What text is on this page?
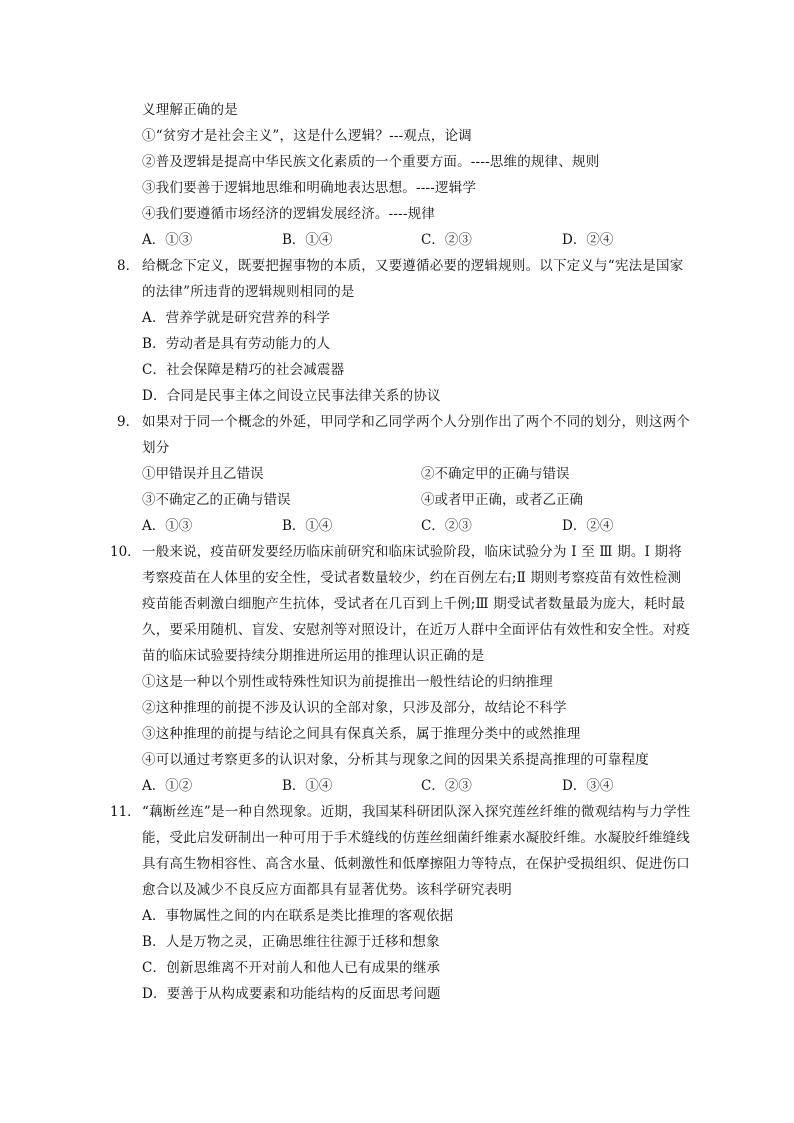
义理解正确的是
①“贫穷才是社会主义”，这是什么逻辑？---观点，论调
②普及逻辑是提高中华民族文化素质的一个重要方面。----思维的规律、规则
③我们要善于逻辑地思维和明确地表达思想。----逻辑学
④我们要遵循市场经济的逻辑发展经济。----规律
A．①③	B．①④	C．②③	D．②④
8． 给概念下定义，既要把握事物的本质，又要遵循必要的逻辑规则。以下定义与“宪法是国家
的法律”所违背的逻辑规则相同的是
A．营养学就是研究营养的科学
B．劳动者是具有劳动能力的人
C．社会保障是精巧的社会减震器
D．合同是民事主体之间设立民事法律关系的协议
9． 如果对于同一个概念的外延，甲同学和乙同学两个人分别作出了两个不同的划分，则这两个
划分
①甲错误并且乙错误	②不确定甲的正确与错误
③不确定乙的正确与错误	④或者甲正确，或者乙正确
A．①③	B．①④	C．②③	D．②④
10． 一般来说，疫苗研发要经历临床前研究和临床试验阶段，临床试验分为 Ⅰ 至 Ⅲ 期。Ⅰ 期将
考察疫苗在人体里的安全性，受试者数量较少，约在百例左右;Ⅱ 期则考察疫苗有效性检测
疫苗能否刺激白细胞产生抗体，受试者在几百到上千例;Ⅲ 期受试者数量最为庞大，耗时最
久，要采用随机、盲发、安慰剂等对照设计，在近万人群中全面评估有效性和安全性。对疫
苗的临床试验要持续分期推进所运用的推理认识正确的是
①这是一种以个别性或特殊性知识为前提推出一般性结论的归纳推理
②这种推理的前提不涉及认识的全部对象，只涉及部分，故结论不科学
③这种推理的前提与结论之间具有保真关系，属于推理分类中的或然推理
④可以通过考察更多的认识对象，分析其与现象之间的因果关系提高推理的可靠程度
A．①②	B．①④	C．②③	D．③④
11． “藕断丝连”是一种自然现象。近期，我国某科研团队深入探究莲丝纤维的微观结构与力学性
能，受此启发研制出一种可用于手术缝线的仿莲丝细菌纤维素水凝胶纤维。水凝胶纤维缝线
具有高生物相容性、高含水量、低刺激性和低摩擦阻力等特点，在保护受损组织、促进伤口
愈合以及减少不良反应方面都具有显著优势。该科学研究表明
A．事物属性之间的内在联系是类比推理的客观依据
B．人是万物之灵，正确思维往往源于迁移和想象
C．创新思维离不开对前人和他人已有成果的继承
D．要善于从构成要素和功能结构的反面思考问题
